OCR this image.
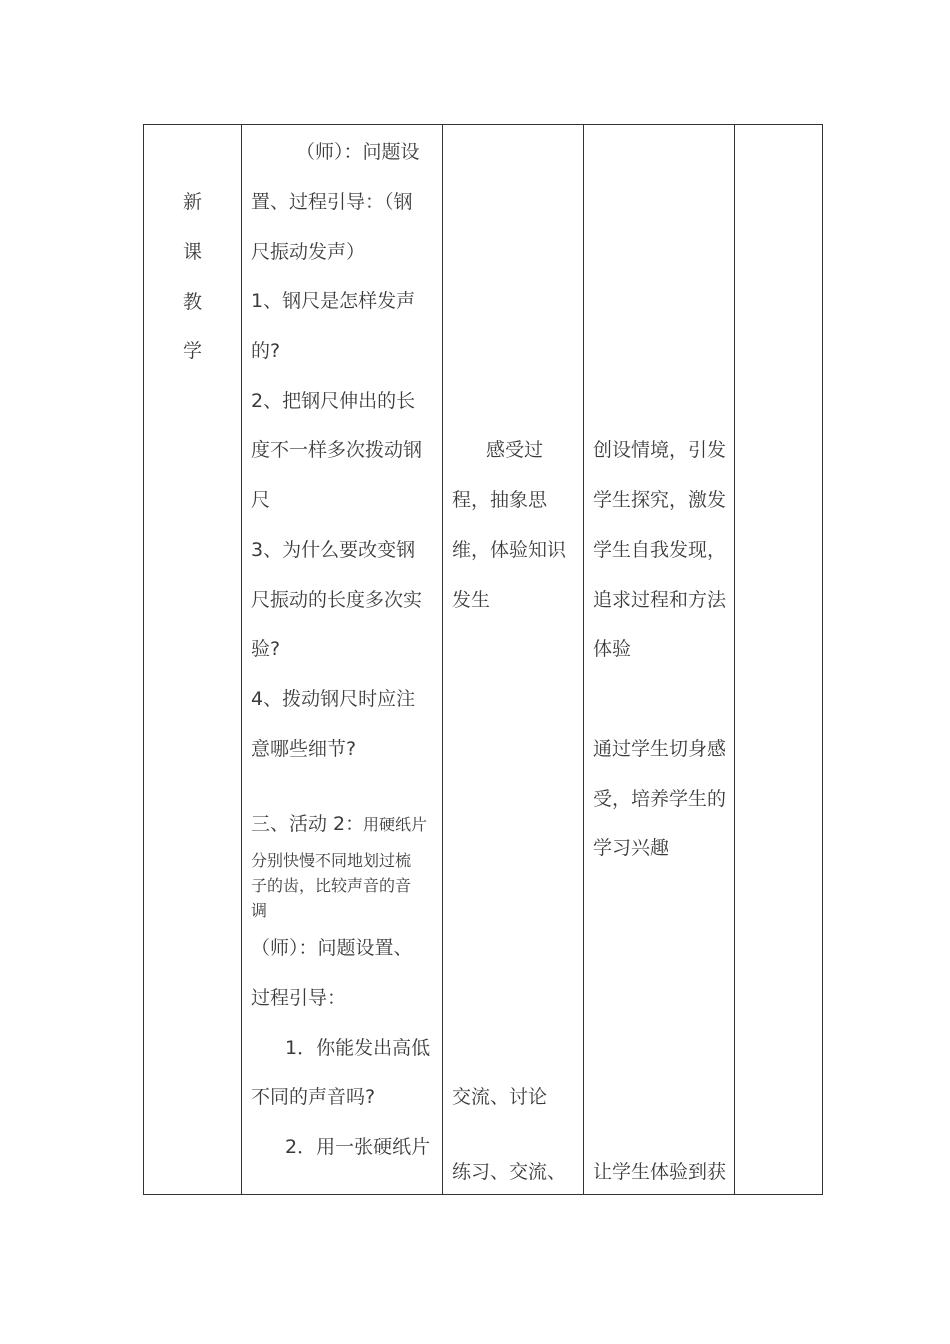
新
课
教
学
（师）：问题设
置、过程引导：（钢
尺振动发声）
1、钢尺是怎样发声
的?
2、把钢尺伸出的长
度不一样多次拨动钢
尺
3、为什么要改变钢
尺振动的长度多次实
验?
4、拨动钢尺时应注
意哪些细节?
三、活动 2：
用硬纸片
分别快慢不同地划过梳
子的齿，比较声音的音
调
（师）：问题设置、
过程引导：
1．你能发出高低
不同的声音吗?
2．用一张硬纸片
感受过
程，抽象思
维，体验知识
发生
交流、讨论
练习、交流、
创设情境，引发
学生探究，激发
学生自我发现，
追求过程和方法
体验
通过学生切身感
受，培养学生的
学习兴趣
让学生体验到获
